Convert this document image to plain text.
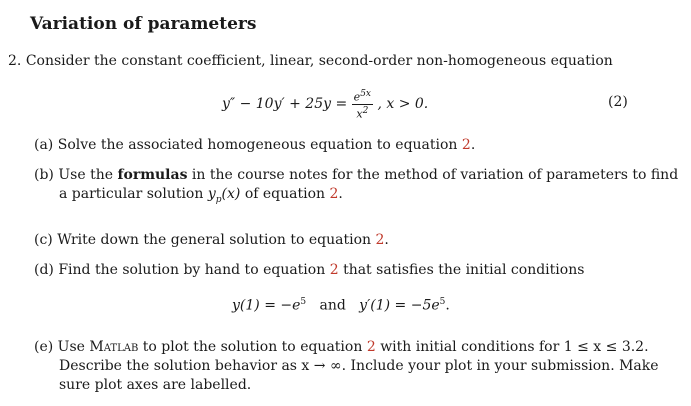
Variation of parameters
2. Consider the constant coefficient, linear, second-order non-homogeneous equation
$y'' - 10y' + 25y = \frac{e^{5x}}{x^2}$ , x > 0.	(2)
(a) Solve the associated homogeneous equation to equation 2.
(b) Use the formulas in the course notes for the method of variation of parameters to find
a particular solution $y_p(x)$ of equation 2.
(c) Write down the general solution to equation 2.
(d) Find the solution by hand to equation 2 that satisfies the initial conditions
$y(1) = -e^5$ and $y'(1) = -5e^5$.
(e) Use Matlab to plot the solution to equation 2 with initial conditions for 1 ≤ x ≤ 3.2.
Describe the solution behavior as x → ∞. Include your plot in your submission. Make
sure plot axes are labelled.
